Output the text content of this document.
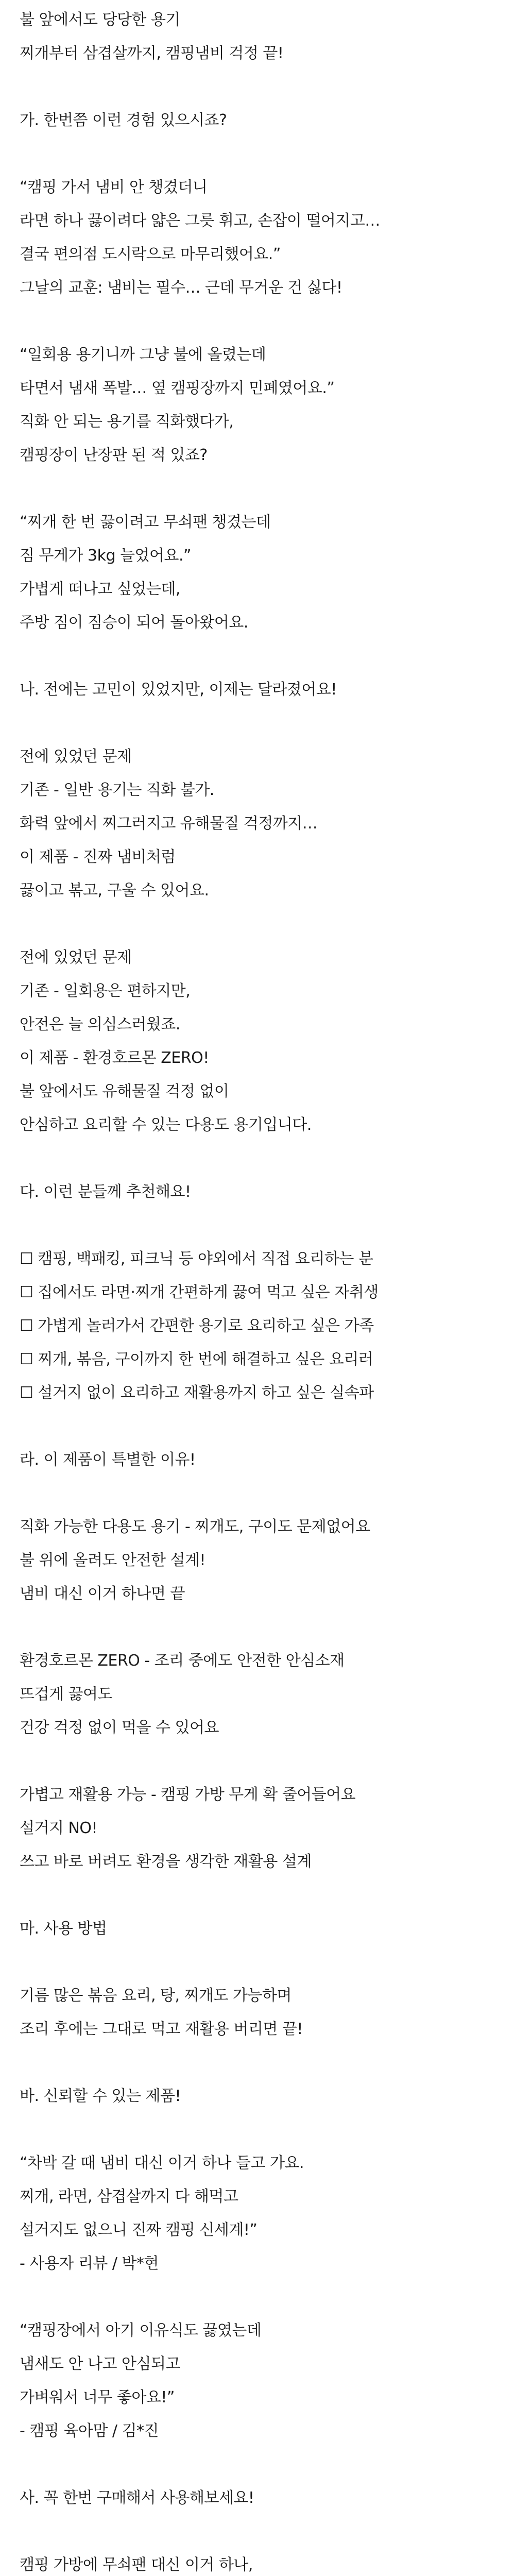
불 앞에서도 당당한 용기
찌개부터 삼겹살까지, 캠핑냄비 걱정 끝!
가. 한번쯤 이런 경험 있으시죠?
“캠핑 가서 냄비 안 챙겼더니
라면 하나 끓이려다 얇은 그릇 휘고, 손잡이 떨어지고…
결국 편의점 도시락으로 마무리했어요.”
그날의 교훈: 냄비는 필수… 근데 무거운 건 싫다!
“일회용 용기니까 그냥 불에 올렸는데
타면서 냄새 폭발… 옆 캠핑장까지 민폐였어요.”
직화 안 되는 용기를 직화했다가,
캠핑장이 난장판 된 적 있죠?
“찌개 한 번 끓이려고 무쇠팬 챙겼는데
짐 무게가 3kg 늘었어요.”
가볍게 떠나고 싶었는데,
주방 짐이 짐승이 되어 돌아왔어요.
나. 전에는 고민이 있었지만, 이제는 달라졌어요!
전에 있었던 문제
기존 - 일반 용기는 직화 불가.
화력 앞에서 찌그러지고 유해물질 걱정까지…
이 제품 - 진짜 냄비처럼
끓이고 볶고, 구울 수 있어요.
전에 있었던 문제
기존 - 일회용은 편하지만,
안전은 늘 의심스러웠죠.
이 제품 - 환경호르몬 ZERO!
불 앞에서도 유해물질 걱정 없이
안심하고 요리할 수 있는 다용도 용기입니다.
다. 이런 분들께 추천해요!
☐ 캠핑, 백패킹, 피크닉 등 야외에서 직접 요리하는 분
☐ 집에서도 라면·찌개 간편하게 끓여 먹고 싶은 자취생
☐ 가볍게 놀러가서 간편한 용기로 요리하고 싶은 가족
☐ 찌개, 볶음, 구이까지 한 번에 해결하고 싶은 요리러
☐ 설거지 없이 요리하고 재활용까지 하고 싶은 실속파
라. 이 제품이 특별한 이유!
직화 가능한 다용도 용기 - 찌개도, 구이도 문제없어요
불 위에 올려도 안전한 설계!
냄비 대신 이거 하나면 끝
환경호르몬 ZERO - 조리 중에도 안전한 안심소재
뜨겁게 끓여도
건강 걱정 없이 먹을 수 있어요
가볍고 재활용 가능 - 캠핑 가방 무게 확 줄어들어요
설거지 NO!
쓰고 바로 버려도 환경을 생각한 재활용 설계
마. 사용 방법
기름 많은 볶음 요리, 탕, 찌개도 가능하며
조리 후에는 그대로 먹고 재활용 버리면 끝!
바. 신뢰할 수 있는 제품!
“차박 갈 때 냄비 대신 이거 하나 들고 가요.
찌개, 라면, 삼겹살까지 다 해먹고
설거지도 없으니 진짜 캠핑 신세계!”
- 사용자 리뷰 / 박*현
“캠핑장에서 아기 이유식도 끓였는데
냄새도 안 나고 안심되고
가벼워서 너무 좋아요!”
- 캠핑 육아맘 / 김*진
사. 꼭 한번 구매해서 사용해보세요!
캠핑 가방에 무쇠팬 대신 이거 하나,
